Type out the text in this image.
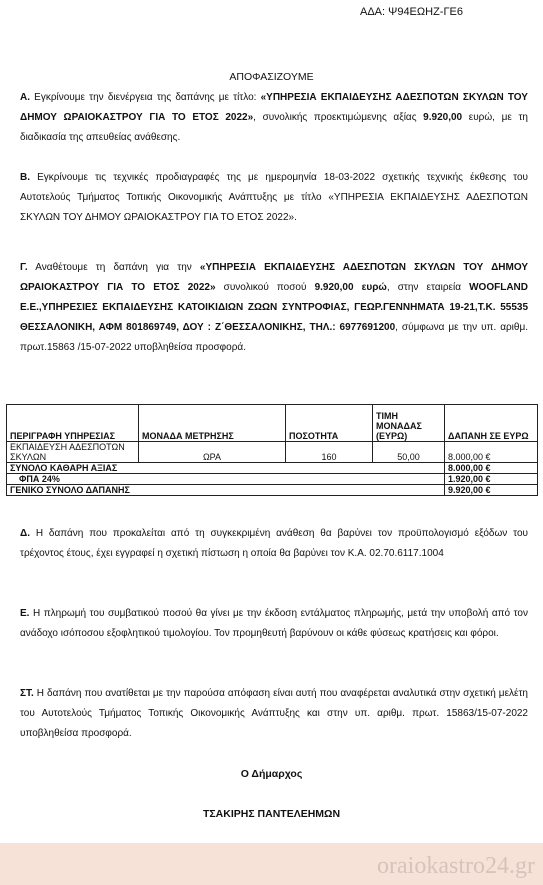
ΑΔΑ: Ψ94ΕΩΗΖ-ΓΕ6
ΑΠΟΦΑΣΙΖΟΥΜΕ

Α. Εγκρίνουμε την διενέργεια της δαπάνης με τίτλο: «ΥΠΗΡΕΣΙΑ ΕΚΠΑΙΔΕΥΣΗΣ ΑΔΕΣΠΟΤΩΝ ΣΚΥΛΩΝ ΤΟΥ ΔΗΜΟΥ ΩΡΑΙΟΚΑΣΤΡΟΥ ΓΙΑ ΤΟ ΕΤΟΣ 2022», συνολικής προεκτιμώμενης αξίας 9.920,00 ευρώ, με τη διαδικασία της απευθείας ανάθεσης.

Β. Εγκρίνουμε τις τεχνικές προδιαγραφές της με ημερομηνία 18-03-2022 σχετικής τεχνικής έκθεσης του Αυτοτελούς Τμήματος Τοπικής Οικονομικής Ανάπτυξης με τίτλο «ΥΠΗΡΕΣΙΑ ΕΚΠΑΙΔΕΥΣΗΣ ΑΔΕΣΠΟΤΩΝ ΣΚΥΛΩΝ ΤΟΥ ΔΗΜΟΥ ΩΡΑΙΟΚΑΣΤΡΟΥ ΓΙΑ ΤΟ ΕΤΟΣ 2022».

Γ. Αναθέτουμε τη δαπάνη για την «ΥΠΗΡΕΣΙΑ ΕΚΠΑΙΔΕΥΣΗΣ ΑΔΕΣΠΟΤΩΝ ΣΚΥΛΩΝ ΤΟΥ ΔΗΜΟΥ ΩΡΑΙΟΚΑΣΤΡΟΥ ΓΙΑ ΤΟ ΕΤΟΣ 2022» συνολικού ποσού 9.920,00 ευρώ, στην εταιρεία WOOFLAND Ε.Ε.,ΥΠΗΡΕΣΙΕΣ ΕΚΠΑΙΔΕΥΣΗΣ ΚΑΤΟΙΚΙΔΙΩΝ ΖΩΩΝ ΣΥΝΤΡΟΦΙΑΣ, ΓΕΩΡ.ΓΕΝΝΗΜΑΤΑ 19-21,Τ.Κ. 55535 ΘΕΣΣΑΛΟΝΙΚΗ, ΑΦΜ 801869749, ΔΟΥ : Ζ΄ΘΕΣΣΑΛΟΝΙΚΗΣ, ΤΗΛ.: 6977691200, σύμφωνα με την υπ. αριθμ. πρωτ.15863 /15-07-2022 υποβληθείσα προσφορά.

ΠΕΡΙΓΡΑΦΗ ΥΠΗΡΕΣΙΑΣ	ΜΟΝΑΔΑ ΜΕΤΡΗΣΗΣ	ΠΟΣΟΤΗΤΑ	ΤΙΜΗ ΜΟΝΑΔΑΣ (ΕΥΡΩ)	ΔΑΠΑΝΗ ΣΕ ΕΥΡΩ
ΕΚΠΑΙΔΕΥΣΗ ΑΔΕΣΠΟΤΩΝ ΣΚΥΛΩΝ	ΩΡΑ	160	50,00	8.000,00 €
ΣΥΝΟΛΟ ΚΑΘΑΡΗ ΑΞΙΑΣ				8.000,00 €
ΦΠΑ 24%				1.920,00 €
ΓΕΝΙΚΟ ΣΥΝΟΛΟ ΔΑΠΑΝΗΣ				9.920,00 €

Δ. Η δαπάνη που προκαλείται από τη συγκεκριμένη ανάθεση θα βαρύνει τον προϋπολογισμό εξόδων του τρέχοντος έτους, έχει εγγραφεί η σχετική πίστωση η οποία θα βαρύνει τον Κ.Α. 02.70.6117.1004

Ε. Η πληρωμή του συμβατικού ποσού θα γίνει με την έκδοση εντάλματος πληρωμής, μετά την υποβολή από τον ανάδοχο ισόποσου εξοφλητικού τιμολογίου. Τον προμηθευτή βαρύνουν οι κάθε φύσεως κρατήσεις και φόροι.

ΣΤ. Η δαπάνη που ανατίθεται με την παρούσα απόφαση είναι αυτή που αναφέρεται αναλυτικά στην σχετική μελέτη του Αυτοτελούς Τμήματος Τοπικής Οικονομικής Ανάπτυξης και στην υπ. αριθμ. πρωτ. 15863/15-07-2022 υποβληθείσα προσφορά.

Ο Δήμαρχος
ΤΣΑΚΙΡΗΣ ΠΑΝΤΕΛΕΗΜΩΝ
oraiokastro24.gr
